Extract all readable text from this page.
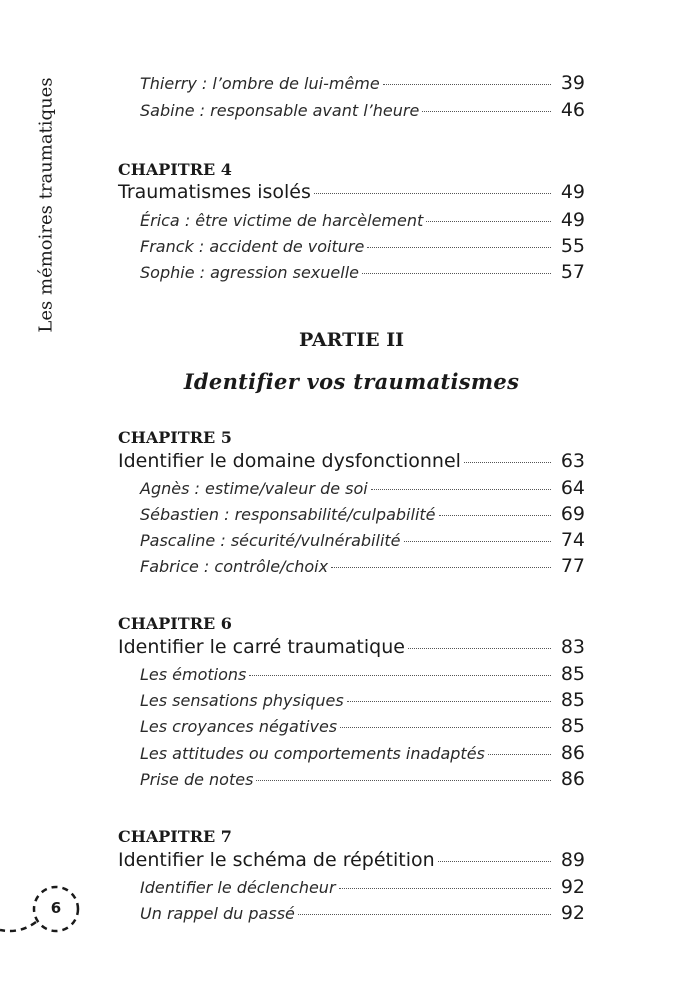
Les mémoires traumatiques	Thierry : l’ombre de lui-même	39
Sabine : responsable avant l’heure	46
CHAPITRE 4
Traumatismes isolés	49
Érica : être victime de harcèlement	49
Franck : accident de voiture	55
Sophie : agression sexuelle	57
PARTIE II
Identifier vos traumatismes
CHAPITRE 5
Identifier le domaine dysfonctionnel	63
Agnès : estime/valeur de soi	64
Sébastien : responsabilité/culpabilité	69
Pascaline : sécurité/vulnérabilité	74
Fabrice : contrôle/choix	77
CHAPITRE 6
Identifier le carré traumatique	83
Les émotions	85
Les sensations physiques	85
Les croyances négatives	85
Les attitudes ou comportements inadaptés	86
Prise de notes	86
CHAPITRE 7
Identifier le schéma de répétition	89
Identifier le déclencheur	92
Un rappel du passé	92
6
